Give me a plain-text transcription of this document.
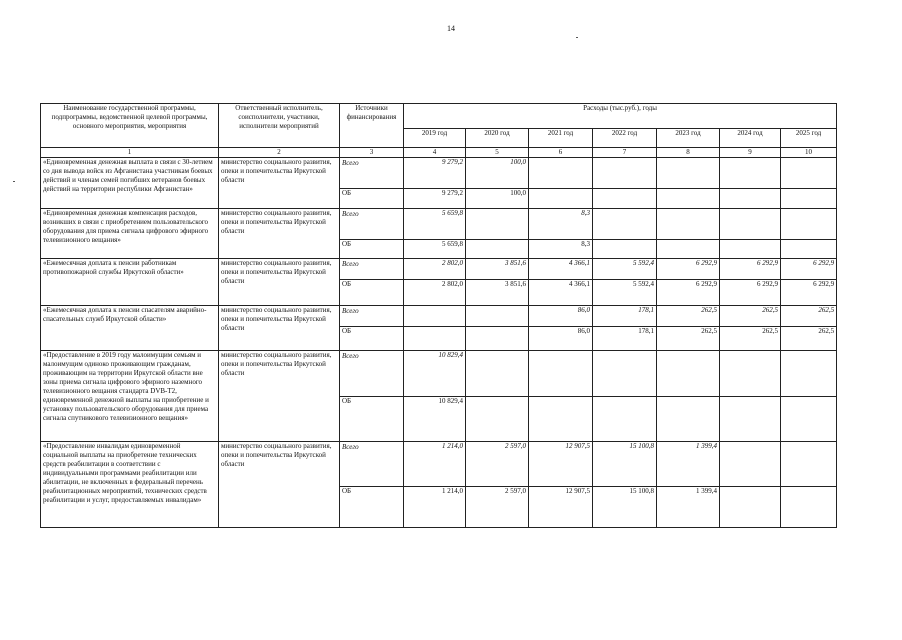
14
Наименование государственной программы, подпрограммы, ведомственной целевой программы, основного мероприятия, мероприятия	Ответственный исполнитель, соисполнители, участники, исполнители мероприятий	Источники финансирования	Расходы (тыс.руб.), годы						
			2019 год	2020 год	2021 год	2022 год	2023 год	2024 год	2025 год
1	2	3	4	5	6	7	8	9	10
«Единовременная денежная выплата в связи с 30-летием со дня вывода войск из Афганистана участникам боевых действий и членам семей погибших ветеранов боевых действий на территории республики Афганистан»	министерство социального развития, опеки и попечительства Иркутской области	Всего	9 279,2	100,0					
		ОБ	9 279,2	100,0					
«Единовременная денежная компенсация расходов, возникших в связи с приобретением пользовательского оборудования для приема сигнала цифрового эфирного телевизионного вещания»	министерство социального развития, опеки и попечительства Иркутской области	Всего	5 659,8		8,3				
		ОБ	5 659,8		8,3				
«Ежемесячная доплата к пенсии работникам противопожарной службы Иркутской области»	министерство социального развития, опеки и попечительства Иркутской области	Всего	2 802,0	3 851,6	4 366,1	5 592,4	6 292,9	6 292,9	6 292,9
		ОБ	2 802,0	3 851,6	4 366,1	5 592,4	6 292,9	6 292,9	6 292,9
«Ежемесячная доплата к пенсии спасателям аварийно-спасательных служб Иркутской области»	министерство социального развития, опеки и попечительства Иркутской области	Всего			86,0	178,1	262,5	262,5	262,5
		ОБ			86,0	178,1	262,5	262,5	262,5
«Предоставление в 2019 году малоимущим семьям и малоимущим одиноко проживающим гражданам, проживающим на территории Иркутской области вне зоны приема сигнала цифрового эфирного наземного телевизионного вещания стандарта DVB-T2, единовременной денежной выплаты на приобретение и установку пользовательского оборудования для приема сигнала спутникового телевизионного вещания»	министерство социального развития, опеки и попечительства Иркутской области	Всего	10 829,4						
		ОБ	10 829,4						
«Предоставление инвалидам единовременной социальной выплаты на приобретение технических средств реабилитации в соответствии с индивидуальными программами реабилитации или абилитации, не включенных в федеральный перечень реабилитационных мероприятий, технических средств реабилитации и услуг, предоставляемых инвалидам»	министерство социального развития, опеки и попечительства Иркутской области	Всего	1 214,0	2 597,0	12 907,5	15 100,8	1 399,4		
		ОБ	1 214,0	2 597,0	12 907,5	15 100,8	1 399,4		
